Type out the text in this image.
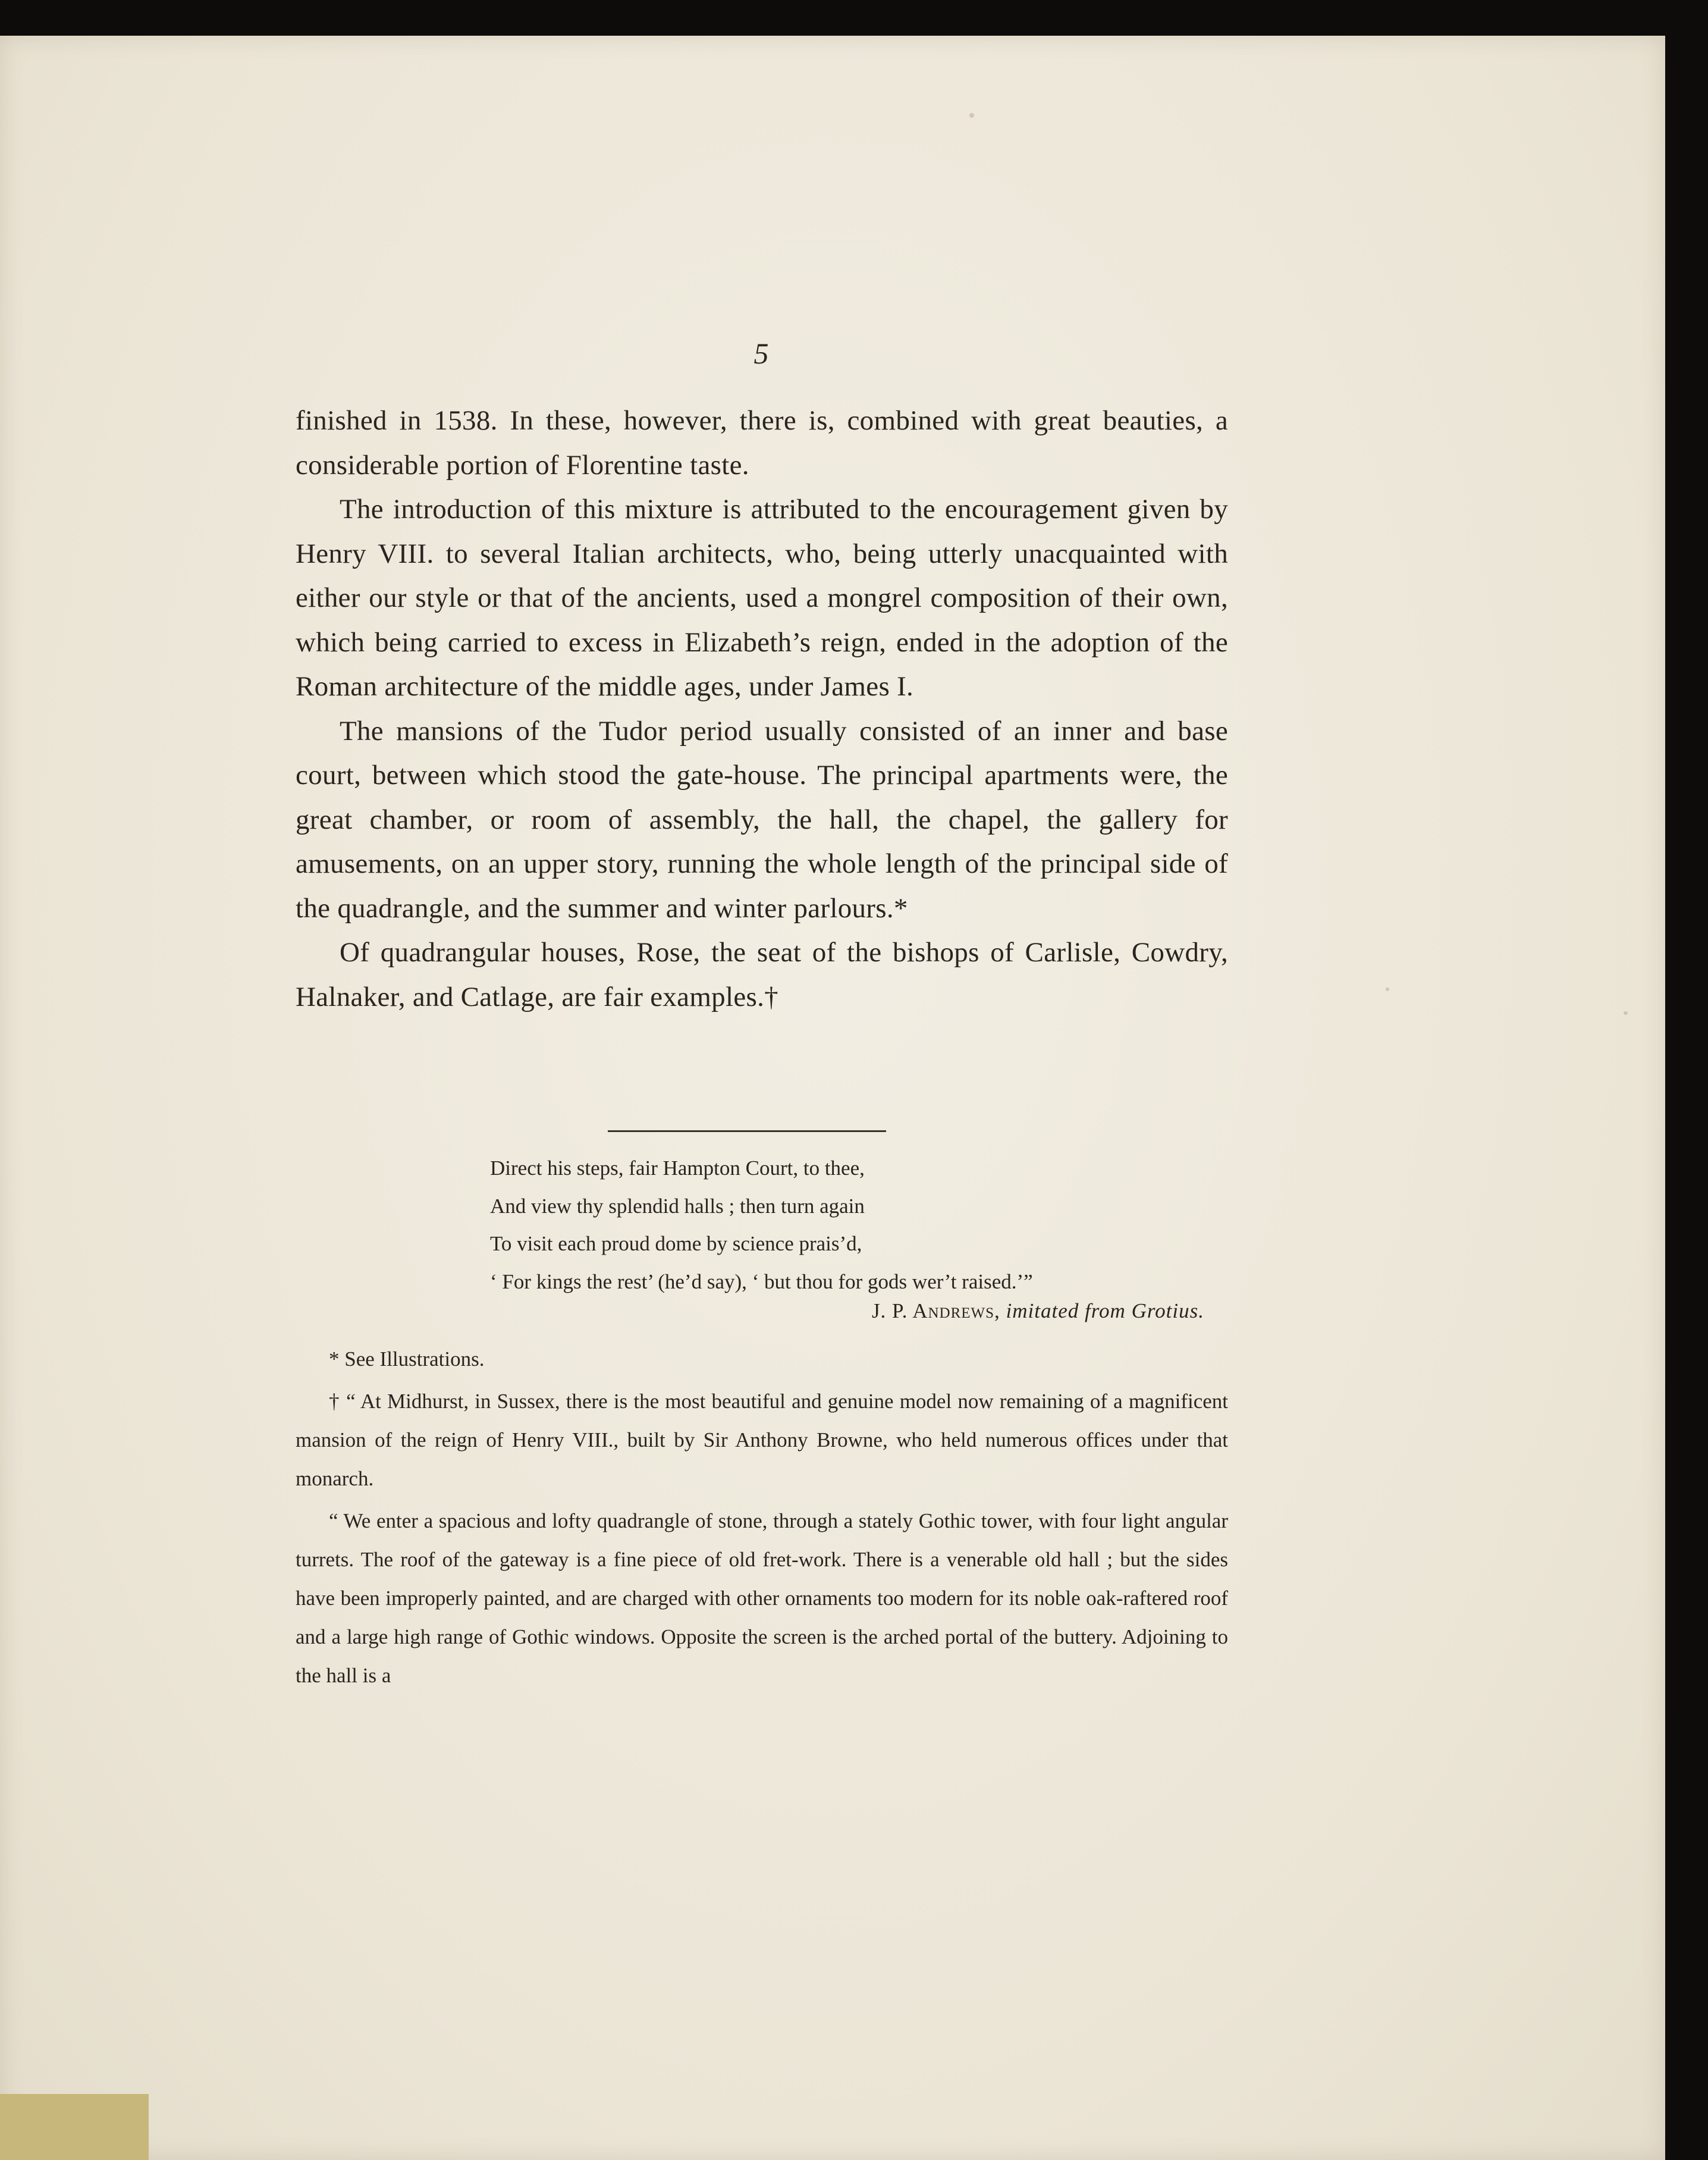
5

finished in 1538. In these, however, there is, combined with great beauties, a considerable portion of Florentine taste.

The introduction of this mixture is attributed to the encouragement given by Henry VIII. to several Italian architects, who, being utterly unacquainted with either our style or that of the ancients, used a mongrel composition of their own, which being carried to excess in Elizabeth’s reign, ended in the adoption of the Roman architecture of the middle ages, under James I.

The mansions of the Tudor period usually consisted of an inner and base court, between which stood the gate-house. The principal apartments were, the great chamber, or room of assembly, the hall, the chapel, the gallery for amusements, on an upper story, running the whole length of the principal side of the quadrangle, and the summer and winter parlours.*

Of quadrangular houses, Rose, the seat of the bishops of Carlisle, Cowdry, Halnaker, and Catlage, are fair examples.†

Direct his steps, fair Hampton Court, to thee,
And view thy splendid halls ; then turn again
To visit each proud dome by science prais’d,
‘ For kings the rest’ (he’d say), ‘ but thou for gods wer’t raised.’”
J. P. Andrews, imitated from Grotius.

* See Illustrations.

† “ At Midhurst, in Sussex, there is the most beautiful and genuine model now remaining of a magnificent mansion of the reign of Henry VIII., built by Sir Anthony Browne, who held numerous offices under that monarch.

“ We enter a spacious and lofty quadrangle of stone, through a stately Gothic tower, with four light angular turrets. The roof of the gateway is a fine piece of old fret-work. There is a venerable old hall ; but the sides have been improperly painted, and are charged with other ornaments too modern for its noble oak-raftered roof and a large high range of Gothic windows. Opposite the screen is the arched portal of the buttery. Adjoining to the hall is a
